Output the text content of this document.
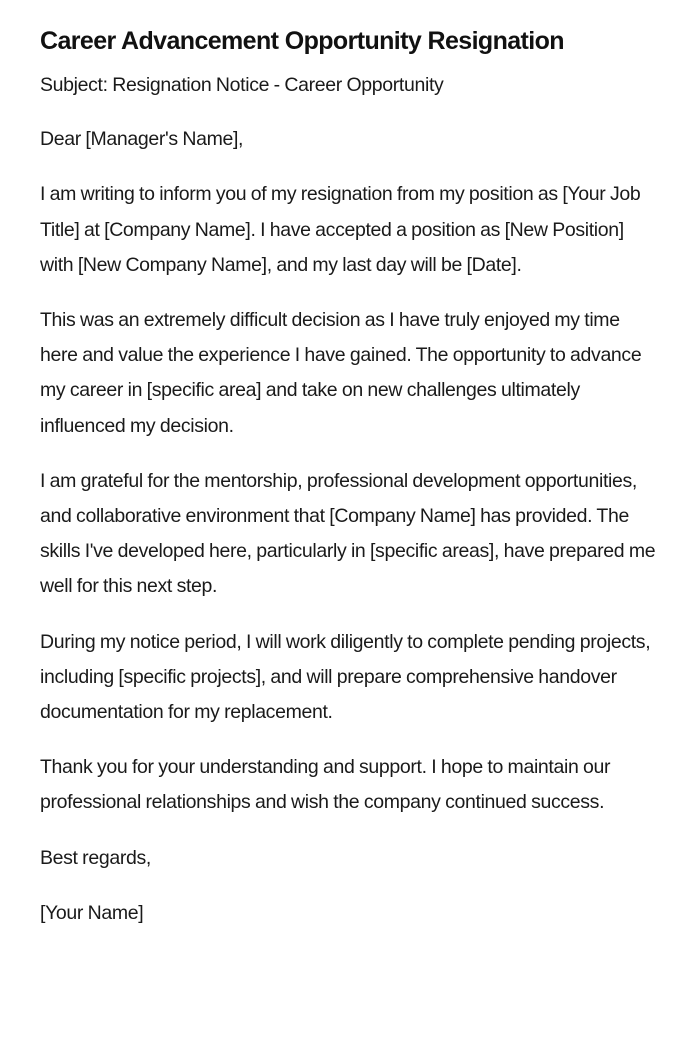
Career Advancement Opportunity Resignation

Subject: Resignation Notice - Career Opportunity

Dear [Manager's Name],

I am writing to inform you of my resignation from my position as [Your Job Title] at [Company Name]. I have accepted a position as [New Position] with [New Company Name], and my last day will be [Date].

This was an extremely difficult decision as I have truly enjoyed my time here and value the experience I have gained. The opportunity to advance my career in [specific area] and take on new challenges ultimately influenced my decision.

I am grateful for the mentorship, professional development opportunities, and collaborative environment that [Company Name] has provided. The skills I've developed here, particularly in [specific areas], have prepared me well for this next step.

During my notice period, I will work diligently to complete pending projects, including [specific projects], and will prepare comprehensive handover documentation for my replacement.

Thank you for your understanding and support. I hope to maintain our professional relationships and wish the company continued success.

Best regards,

[Your Name]
